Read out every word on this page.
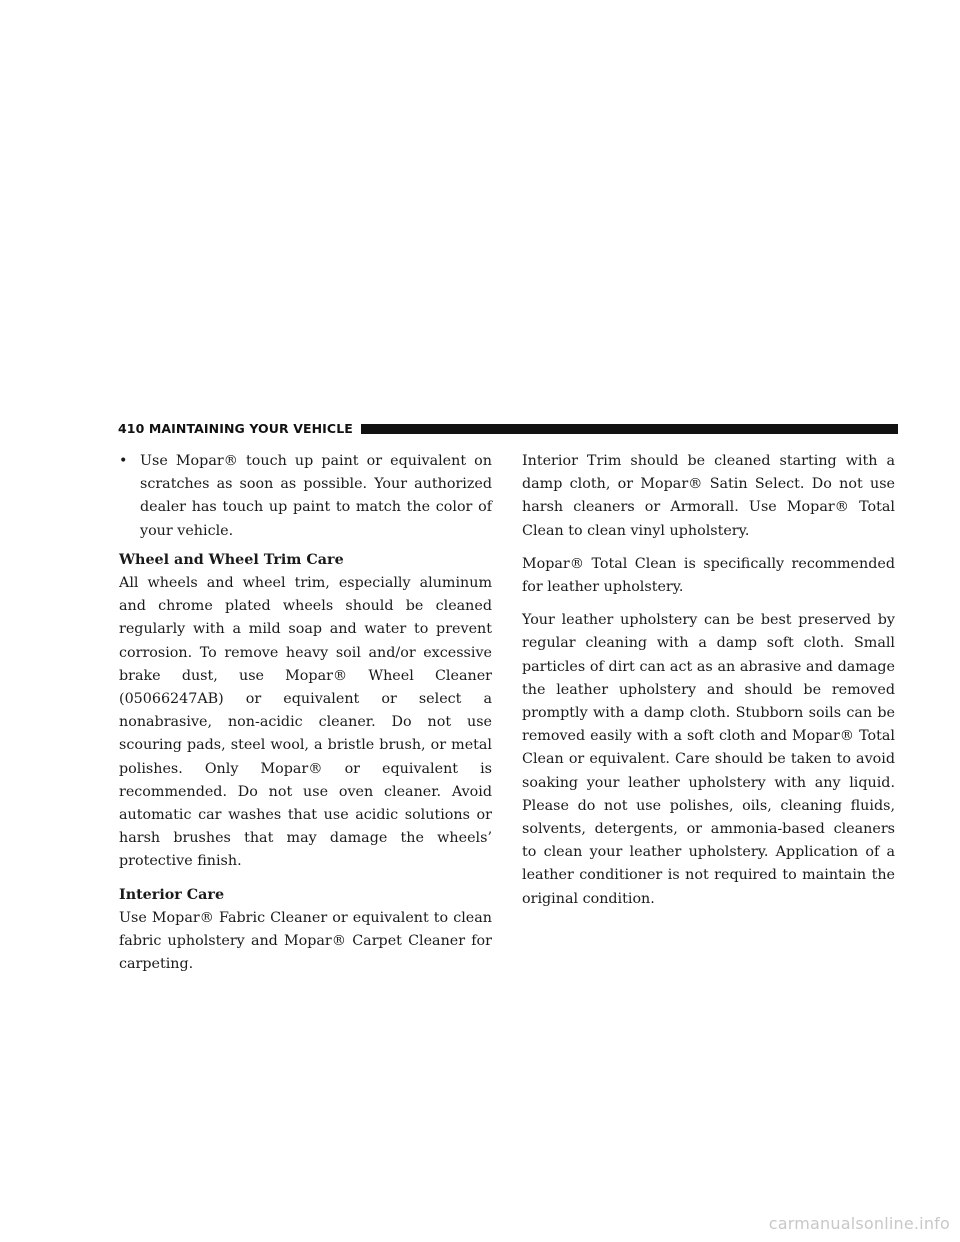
410 MAINTAINING YOUR VEHICLE
• Use Mopar® touch up paint or equivalent on scratches as soon as possible. Your authorized dealer has touch up paint to match the color of your vehicle.
Wheel and Wheel Trim Care

All wheels and wheel trim, especially aluminum and chrome plated wheels should be cleaned regularly with a mild soap and water to prevent corrosion. To remove heavy soil and/or excessive brake dust, use Mopar® Wheel Cleaner (05066247AB) or equivalent or select a nonabrasive, non-acidic cleaner. Do not use scouring pads, steel wool, a bristle brush, or metal polishes. Only Mopar® or equivalent is recommended. Do not use oven cleaner. Avoid automatic car washes that use acidic solutions or harsh brushes that may damage the wheels’ protective finish.

Interior Care

Use Mopar® Fabric Cleaner or equivalent to clean fabric upholstery and Mopar® Carpet Cleaner for carpeting.

Interior Trim should be cleaned starting with a damp cloth, or Mopar® Satin Select. Do not use harsh cleaners or Armorall. Use Mopar® Total Clean to clean vinyl upholstery.

Mopar® Total Clean is specifically recommended for leather upholstery.

Your leather upholstery can be best preserved by regular cleaning with a damp soft cloth. Small particles of dirt can act as an abrasive and damage the leather upholstery and should be removed promptly with a damp cloth. Stubborn soils can be removed easily with a soft cloth and Mopar® Total Clean or equivalent. Care should be taken to avoid soaking your leather upholstery with any liquid. Please do not use polishes, oils, cleaning fluids, solvents, detergents, or ammonia-based cleaners to clean your leather upholstery. Application of a leather conditioner is not required to maintain the original condition.

carmanualsonline.info
